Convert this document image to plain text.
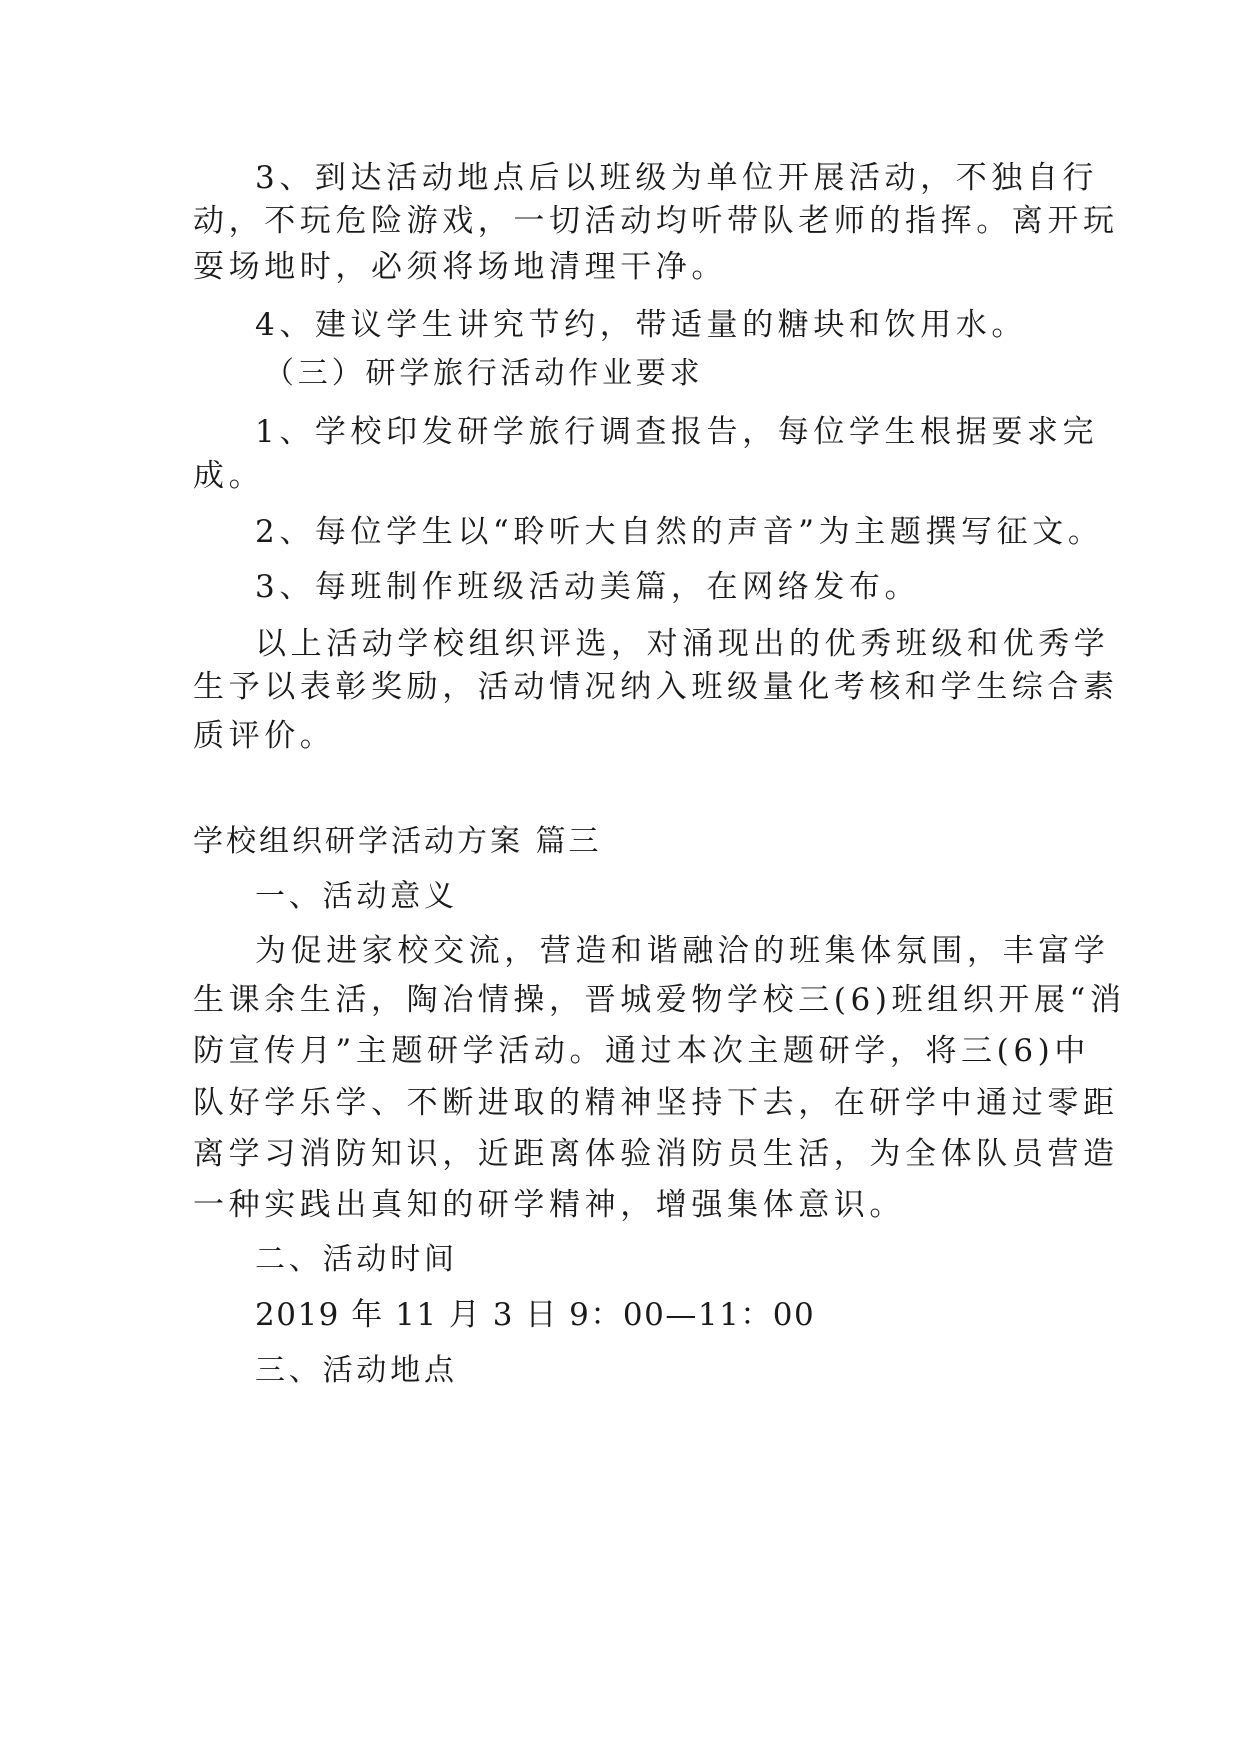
3、到达活动地点后以班级为单位开展活动，不独自行
动，不玩危险游戏，一切活动均听带队老师的指挥。离开玩
耍场地时，必须将场地清理干净。
4、建议学生讲究节约，带适量的糖块和饮用水。
（三）研学旅行活动作业要求
1、学校印发研学旅行调查报告，每位学生根据要求完
成。
2、每位学生以“聆听大自然的声音”为主题撰写征文。
3、每班制作班级活动美篇，在网络发布。
以上活动学校组织评选，对涌现出的优秀班级和优秀学
生予以表彰奖励，活动情况纳入班级量化考核和学生综合素
质评价。
学校组织研学活动方案 篇三
一、活动意义
为促进家校交流，营造和谐融洽的班集体氛围，丰富学
生课余生活，陶冶情操，晋城爱物学校三(6)班组织开展“消
防宣传月”主题研学活动。通过本次主题研学，将三(6)中
队好学乐学、不断进取的精神坚持下去，在研学中通过零距
离学习消防知识，近距离体验消防员生活，为全体队员营造
一种实践出真知的研学精神，增强集体意识。
二、活动时间
2019 年 11 月 3 日 9：00—11：00
三、活动地点
